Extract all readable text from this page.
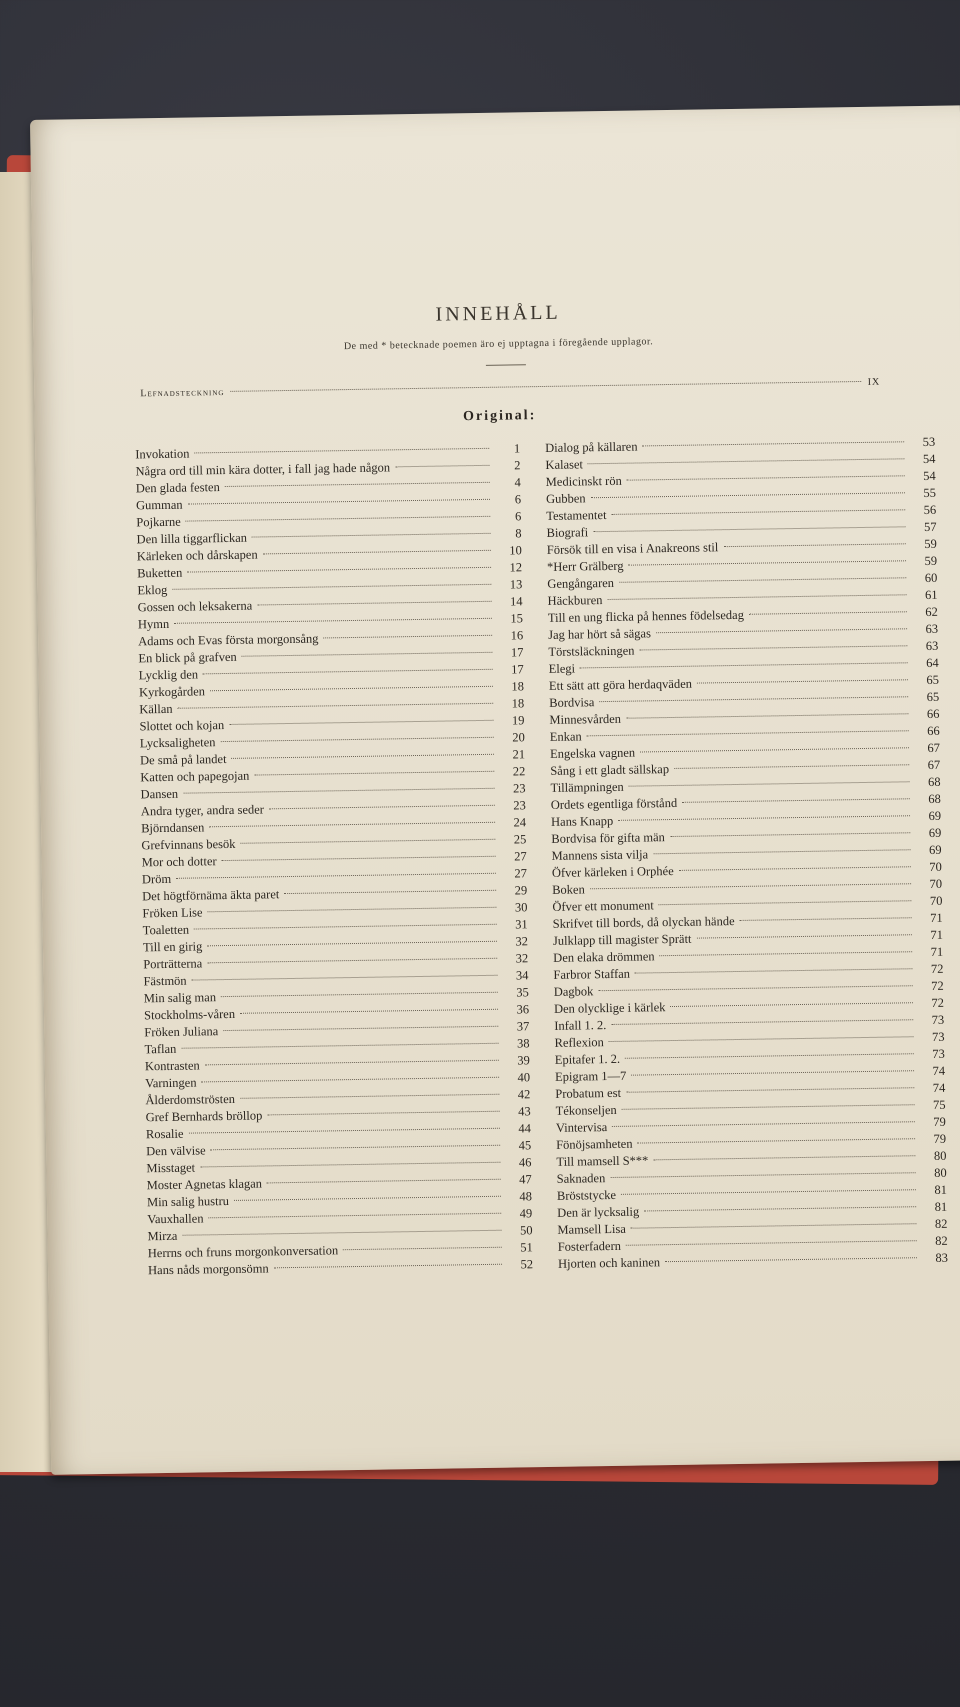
INNEHÅLL
De med * betecknade poemen äro ej upptagna i föregående upplagor.
Lefnadsteckning
IX
Original:
Invokation	1
Några ord till min kära dotter, i fall jag hade någon	2
Den glada festen	4
Gumman	6
Pojkarne	6
Den lilla tiggarflickan	8
Kärleken och dårskapen	10
Buketten	12
Eklog	13
Gossen och leksakerna	14
Hymn	15
Adams och Evas första morgonsång	16
En blick på grafven	17
Lycklig den	17
Kyrkogården	18
Källan	18
Slottet och kojan	19
Lycksaligheten	20
De små på landet	21
Katten och papegojan	22
Dansen	23
Andra tyger, andra seder	23
Björndansen	24
Grefvinnans besök	25
Mor och dotter	27
Dröm	27
Det högtförnäma äkta paret	29
Fröken Lise	30
Toaletten	31
Till en girig	32
Porträtterna	32
Fästmön	34
Min salig man	35
Stockholms-våren	36
Fröken Juliana	37
Taflan	38
Kontrasten	39
Varningen	40
Ålderdomströsten	42
Gref Bernhards bröllop	43
Rosalie	44
Den välvise	45
Misstaget	46
Moster Agnetas klagan	47
Min salig hustru	48
Vauxhallen	49
Mirza	50
Herrns och fruns morgonkonversation	51
Hans nåds morgonsömn	52
Dialog på källaren	53
Kalaset	54
Medicinskt rön	54
Gubben	55
Testamentet	56
Biografi	57
Försök till en visa i Anakreons stil	59
*Herr Grälberg	59
Gengångaren	60
Häckburen	61
Till en ung flicka på hennes födelsedag	62
Jag har hört så sägas	63
Törstsläckningen	63
Elegi	64
Ett sätt att göra herdaqväden	65
Bordvisa	65
Minnesvården	66
Enkan	66
Engelska vagnen	67
Sång i ett gladt sällskap	67
Tillämpningen	68
Ordets egentliga förstånd	68
Hans Knapp	69
Bordvisa för gifta män	69
Mannens sista vilja	69
Öfver kärleken i Orphée	70
Boken	70
Öfver ett monument	70
Skrifvet till bords, då olyckan hände	71
Julklapp till magister Sprätt	71
Den elaka drömmen	71
Farbror Staffan	72
Dagbok	72
Den olycklige i kärlek	72
Infall 1. 2.	73
Reflexion	73
Epitafer 1. 2.	73
Epigram 1—7	74
Probatum est	74
Tékonseljen	75
Vintervisa	79
Fönöjsamheten	79
Till mamsell S***	80
Saknaden	80
Bröststycke	81
Den är lycksalig	81
Mamsell Lisa	82
Fosterfadern	82
Hjorten och kaninen	83
